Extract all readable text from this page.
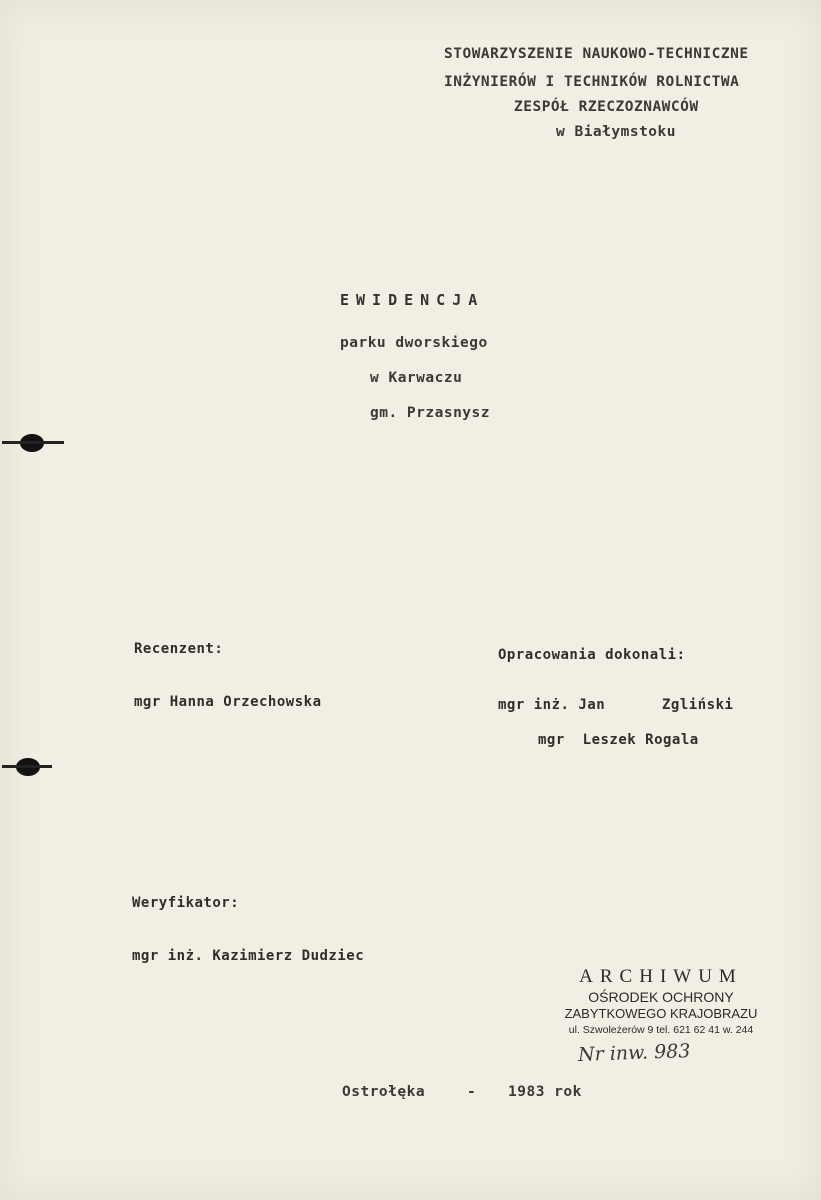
STOWARZYSZENIE NAUKOWO-TECHNICZNE
INŻYNIERÓW I TECHNIKÓW ROLNICTWA
ZESPÓŁ RZECZOZNAWCÓW
w Białymstoku
EWIDENCJA
parku dworskiego
w Karwaczu
gm. Przasnysz
Recenzent:
mgr Hanna Orzechowska
Opracowania dokonali:
mgr inż. Jan	Zgliński
mgr  Leszek Rogala
Weryfikator:
mgr inż. Kazimierz Dudziec
ARCHIWUM
OŚRODEK OCHRONY
ZABYTKOWEGO KRAJOBRAZU
ul. Szwoleżerów 9 tel. 621 62 41 w. 244
Nr inw. 983
Ostrołęka	- 1983 rok
